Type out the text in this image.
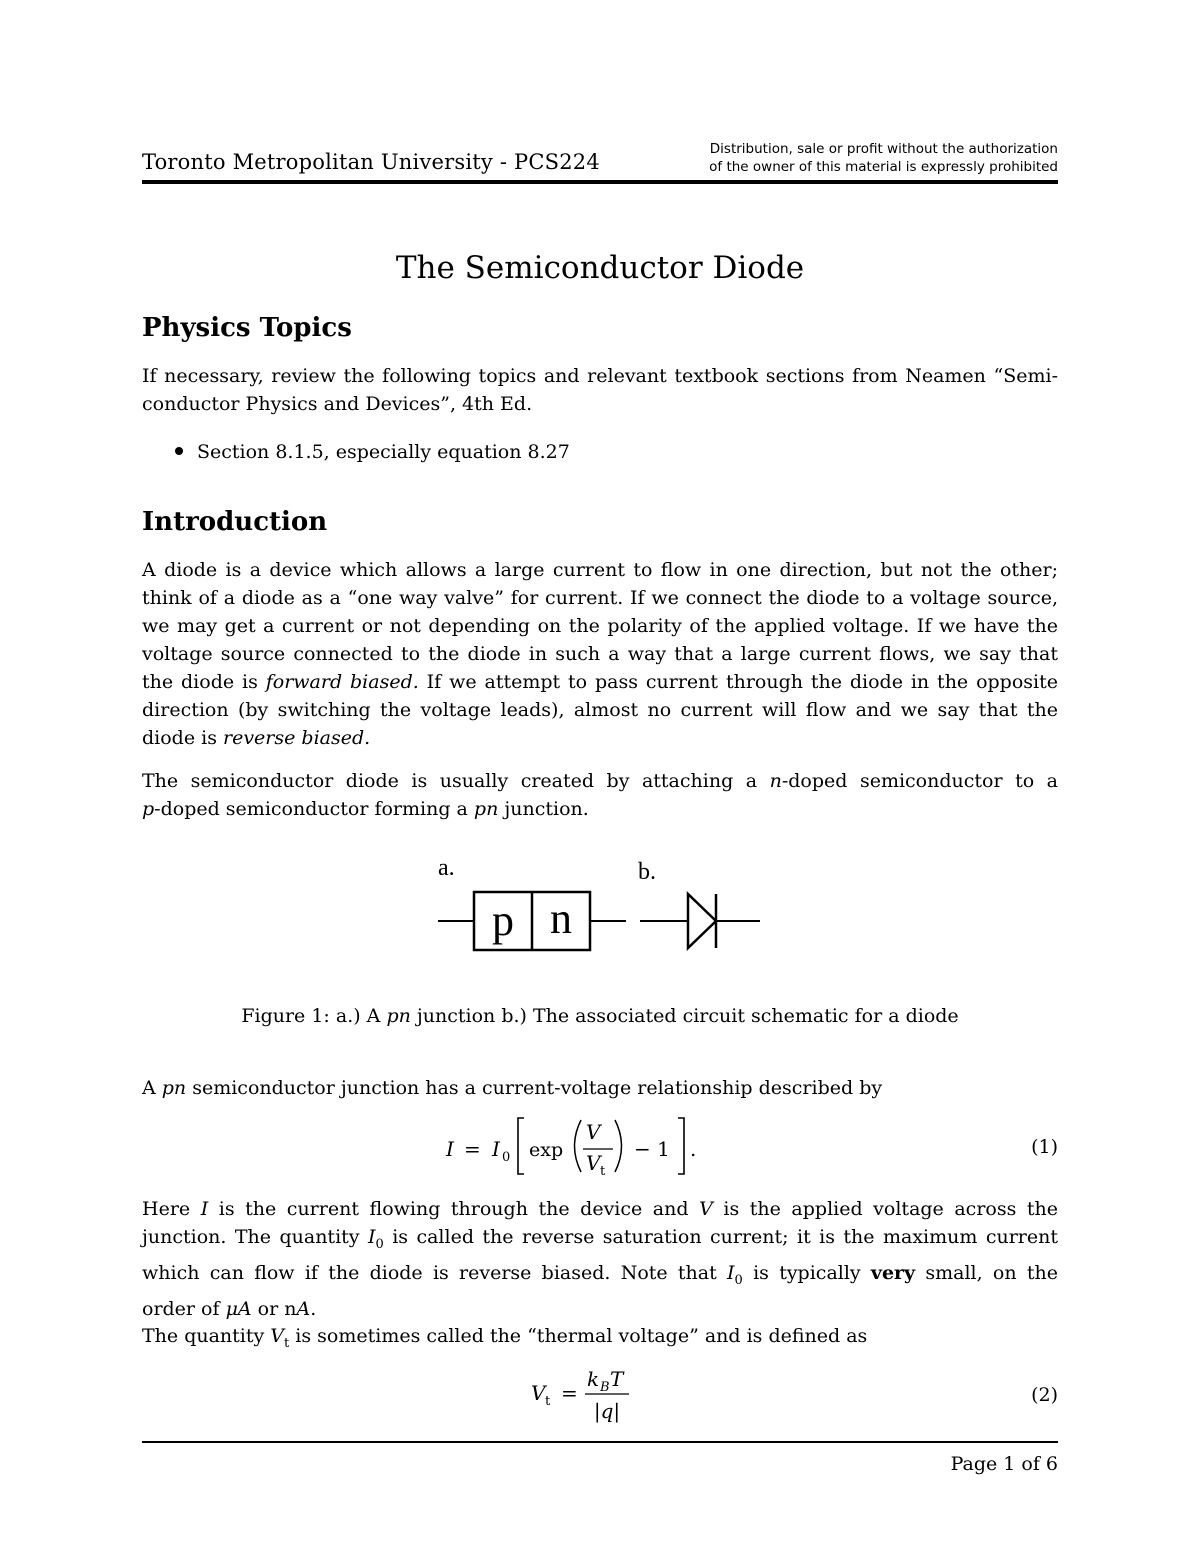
Toronto Metropolitan University - PCS224
Distribution, sale or profit without the authorization
of the owner of this material is expressly prohibited
The Semiconductor Diode
Physics Topics
If necessary, review the following topics and relevant textbook sections from Neamen “Semi-
conductor Physics and Devices”, 4th Ed.
Section 8.1.5, especially equation 8.27
Introduction
A diode is a device which allows a large current to flow in one direction, but not the other;
think of a diode as a “one way valve” for current. If we connect the diode to a voltage source,
we may get a current or not depending on the polarity of the applied voltage. If we have the
voltage source connected to the diode in such a way that a large current flows, we say that
the diode is forward biased. If we attempt to pass current through the diode in the opposite
direction (by switching the voltage leads), almost no current will flow and we say that the
diode is reverse biased.
The semiconductor diode is usually created by attaching a n-doped semiconductor to a
p-doped semiconductor forming a pn junction.
a.	b.
p n
Figure 1: a.) A pn junction b.) The associated circuit schematic for a diode
A pn semiconductor junction has a current-voltage relationship described by
I = I 0 exp
V
V t
− 1 .	(1)
Here I is the current flowing through the device and V is the applied voltage across the
junction. The quantity $I_0$ is called the reverse saturation current; it is the maximum current
which can flow if the diode is reverse biased. Note that $I_0$ is typically very small, on the
order of μA or nA.
The quantity $V_t$ is sometimes called the “thermal voltage” and is defined as
V t =
k B T
|q|
(2)
Page 1 of 6
